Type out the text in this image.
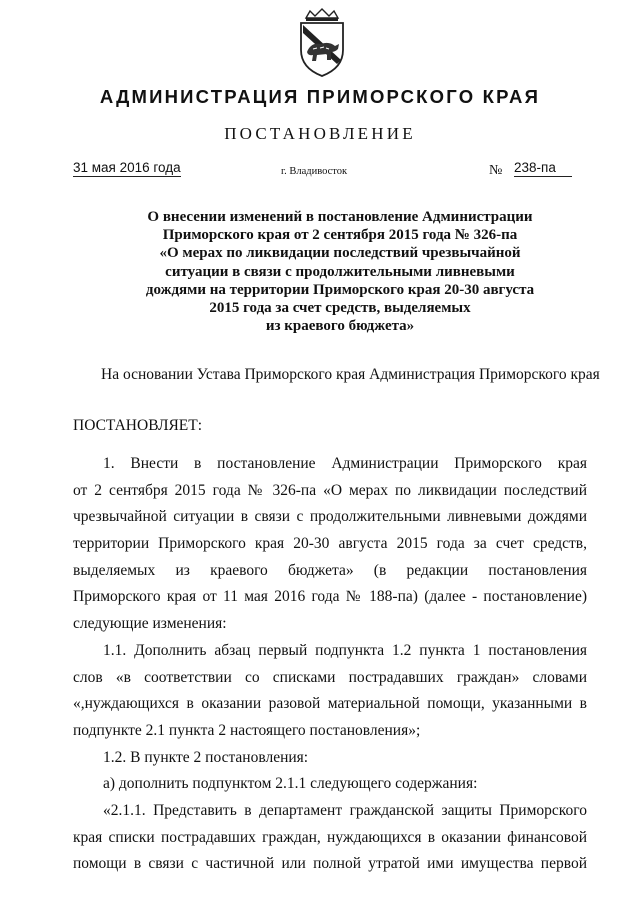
АДМИНИСТРАЦИЯ ПРИМОРСКОГО КРАЯ
ПОСТАНОВЛЕНИЕ
31 мая 2016 года	г. Владивосток	№ 238-па
О внесении изменений в постановление Администрации
Приморского края от 2 сентября 2015 года № 326-па
«О мерах по ликвидации последствий чрезвычайной
ситуации в связи с продолжительными ливневыми
дождями на территории Приморского края 20-30 августа
2015 года за счет средств, выделяемых
из краевого бюджета»
На основании Устава Приморского края Администрация Приморского края
ПОСТАНОВЛЯЕТ:
1. Внести в постановление Администрации Приморского края
от 2 сентября 2015 года № 326-па «О мерах по ликвидации последствий
чрезвычайной ситуации в связи с продолжительными ливневыми дождями
территории Приморского края 20-30 августа 2015 года за счет средств,
выделяемых из краевого бюджета» (в редакции постановления
Приморского края от 11 мая 2016 года № 188-па) (далее - постановление)
следующие изменения:
1.1. Дополнить абзац первый подпункта 1.2 пункта 1 постановления
слов «в соответствии со списками пострадавших граждан» словами
«,нуждающихся в оказании разовой материальной помощи, указанными в
подпункте 2.1 пункта 2 настоящего постановления»;
1.2. В пункте 2 постановления:
а) дополнить подпунктом 2.1.1 следующего содержания:
«2.1.1. Представить в департамент гражданской защиты Приморского
края списки пострадавших граждан, нуждающихся в оказании финансовой
помощи в связи с частичной или полной утратой ими имущества первой
